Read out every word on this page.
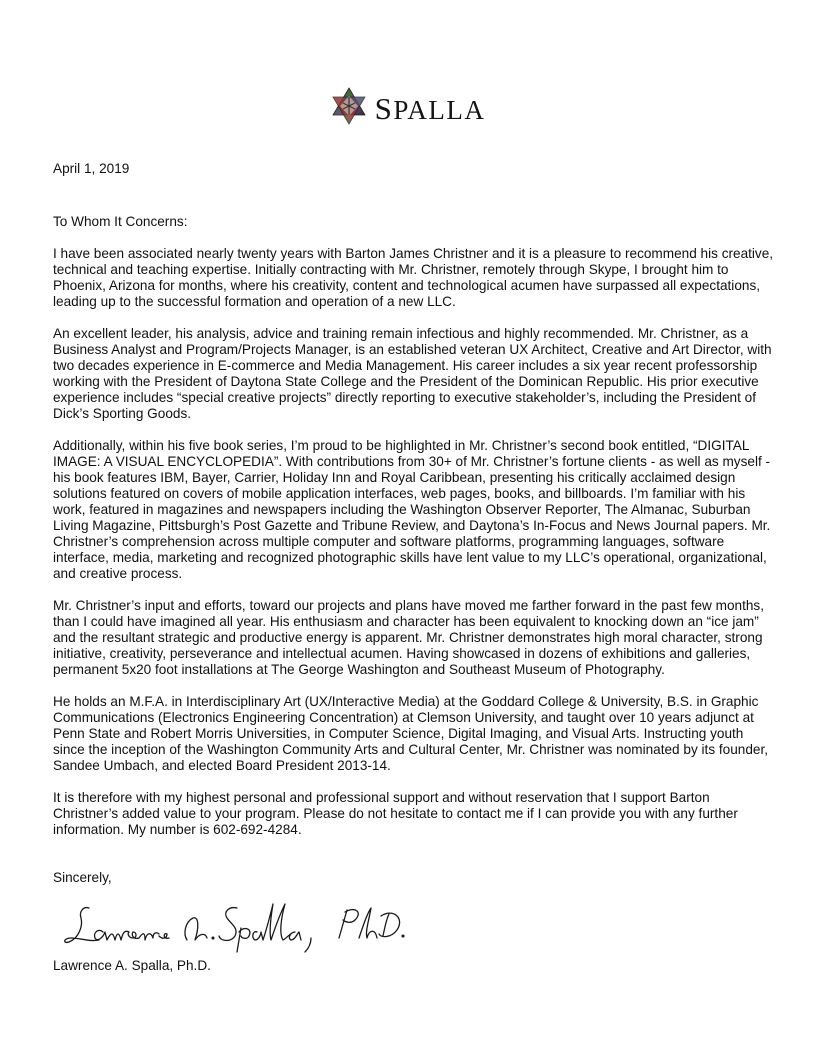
SPALLA

April 1, 2019

To Whom It Concerns:

I have been associated nearly twenty years with Barton James Christner and it is a pleasure to recommend his creative, technical and teaching expertise. Initially contracting with Mr. Christner, remotely through Skype, I brought him to Phoenix, Arizona for months, where his creativity, content and technological acumen have surpassed all expectations, leading up to the successful formation and operation of a new LLC.

An excellent leader, his analysis, advice and training remain infectious and highly recommended. Mr. Christner, as a Business Analyst and Program/Projects Manager, is an established veteran UX Architect, Creative and Art Director, with two decades experience in E-commerce and Media Management. His career includes a six year recent professorship working with the President of Daytona State College and the President of the Dominican Republic. His prior executive experience includes “special creative projects” directly reporting to executive stakeholder’s, including the President of Dick’s Sporting Goods.

Additionally, within his five book series, I’m proud to be highlighted in Mr. Christner’s second book entitled, “DIGITAL IMAGE: A VISUAL ENCYCLOPEDIA”. With contributions from 30+ of Mr. Christner’s fortune clients - as well as myself - his book features IBM, Bayer, Carrier, Holiday Inn and Royal Caribbean, presenting his critically acclaimed design solutions featured on covers of mobile application interfaces, web pages, books, and billboards. I’m familiar with his work, featured in magazines and newspapers including the Washington Observer Reporter, The Almanac, Suburban Living Magazine, Pittsburgh’s Post Gazette and Tribune Review, and Daytona’s In-Focus and News Journal papers. Mr. Christner’s comprehension across multiple computer and software platforms, programming languages, software interface, media, marketing and recognized photographic skills have lent value to my LLC’s operational, organizational, and creative process.

Mr. Christner’s input and efforts, toward our projects and plans have moved me farther forward in the past few months, than I could have imagined all year. His enthusiasm and character has been equivalent to knocking down an “ice jam” and the resultant strategic and productive energy is apparent. Mr. Christner demonstrates high moral character, strong initiative, creativity, perseverance and intellectual acumen. Having showcased in dozens of exhibitions and galleries, permanent 5x20 foot installations at The George Washington and Southeast Museum of Photography.

He holds an M.F.A. in Interdisciplinary Art (UX/Interactive Media) at the Goddard College & University, B.S. in Graphic Communications (Electronics Engineering Concentration) at Clemson University, and taught over 10 years adjunct at Penn State and Robert Morris Universities, in Computer Science, Digital Imaging, and Visual Arts. Instructing youth since the inception of the Washington Community Arts and Cultural Center, Mr. Christner was nominated by its founder, Sandee Umbach, and elected Board President 2013-14.

It is therefore with my highest personal and professional support and without reservation that I support Barton Christner’s added value to your program. Please do not hesitate to contact me if I can provide you with any further information. My number is 602-692-4284.

Sincerely,

Lawrence A. Spalla, Ph.D.
